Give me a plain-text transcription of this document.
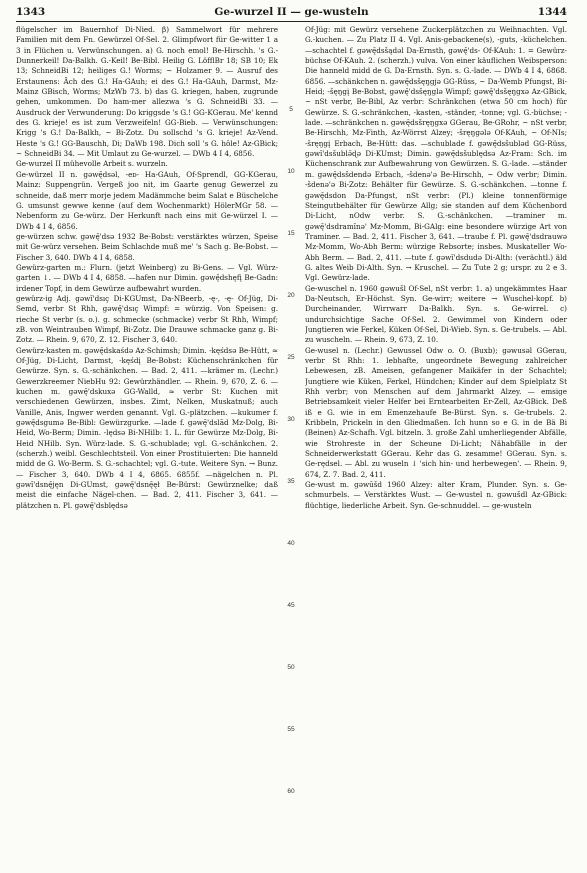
1343	Ge-wurzel II — ge-wusteln	1344

flügelscher im Bauernhof Di-Nied. β) Sammelwort für mehrere Familien mit dem Fn. Gewürzel Of-Sel. 2. Glimpfwort für Ge-witter 1 a 3 in Flüchen u. Verwünschungen. a) G. noch emol! Be-Hirschh. 's G.-Dunnerkeil! Da-Balkh. G.-Keil! Be-Bibl. Heilig G. LöfflBr 18; SB 10; Ek 13; SchneidBi 12; heiliges G.! Worms; ~ Holzamer 9. — Ausruf des Erstaunens: Äch des G.! Ha-GAuh; ei des G.! Ha-GAuh, Darmst, Mz-Mainz GBisch, Worms; MzWb 73. b) das G. kriegen, haben, zugrunde gehen, umkommen. Do ham-mer allezwa 's G. SchneidBi 33. — Ausdruck der Verwunderung: Do kriggsde 's G.! GG-KGerau. Me' kennd des G. krieje! es ist zum Verzweifeln! GG-Bieb. — Verwünschungen: Krigg 's G.! Da-Balkh, ~ Bi-Zotz. Du sollschd 's G. krieje! Az-Vend. Heste 's G.! GG-Bauschh, Di; DaWb 198. Dich soll 's G. hôle! Az-GBick; ~ SchneidBi 34. — Mit Umlaut zu Ge-wurzel. — DWb 4 I 4, 6856.

Ge-wurzel II mühevolle Arbeit s. wurzeln.

Ge-würzel II n. gəwę̄dsəl, -eᴅ- Ha-GAuh, Of-Sprendl, GG-KGerau, Mainz: Suppengrün. Vergeß joo nit, im Gaarte genug Gewerzel zu schneide, daß merr morje jedem Madämmche beim Salat e Büschelche G. umsunst gewwe kenne (auf dem Wochenmarkt) HölerMGr 58. — Nebenform zu Ge-würz. Der Herkunft nach eins mit Ge-würzel I. — DWb 4 I 4, 6856.

ge-würzen schw. gəwę̄'dsə 1932 Be-Bobst: verstärktes würzen, Speise mit Ge-würz versehen. Beim Schlachde muß me' 's Sach g. Be-Bobst. — Fischer 3, 640. DWb 4 I 4, 6858.

Gewürz-garten m.: Flurn. (jetzt Weinberg) zu Bi-Gens. — Vgl. Würz-garten ↓. — DWb 4 I 4, 6858. —hafen nur Dimin. gəwę̄dshęfį Be-Gadn: irdener Topf, in dem Gewürze aufbewahrt wurden.

gewürz-ig Adj. gəwı̄'dsıç Di-KGUmst, Da-NBeerb, -ę-, -ę- Of-Jüg, Di-Semd, verbr St Rhh, gəwę̄'dsıç Wimpf: = würzig. Von Speisen: g. rieche St verbr (s. o.). g. schmecke (schmacke) verbr St Rhh, Wimpf; zB. von Weintrauben Wimpf, Bi-Zotz. Die Drauwe schmacke ganz g. Bi-Zotz. — Rhein. 9, 670, Z. 12. Fischer 3, 640.

Gewürz-kasten m. gəwę̄dskaśdə Az-Schimsh; Dimin. -kęśdsǝ Be-Hütt, ≈ Of-Jüg, Di-Licht, Darmst, -kęśdį Be-Bobst: Küchenschränkchen für Gewürze. Syn. s. G.-schänkchen. — Bad. 2, 411. —krämer m. (Lechr.) Gewerzkreemer NiebHu 92: Gewürzhändler. — Rhein. 9, 670, Z. 6. —kuchen m. gəwę̄'dskuxə GG-Walld, ≈ verbr St: Kuchen mit verschiedenen Gewürzen, insbes. Zimt, Nelken, Muskatnuß; auch Vanille, Anis, Ingwer werden genannt. Vgl. G.-plätzchen. —kukumer f. gəwę̄dsgumǝ Be-Bibl: Gewürzgurke. —lade f. gəwę̄'dslād Mz-Dolg, Bi-Heid, Wo-Berm; Dimin. -lędsǝ Bi-NHilb: 1. L. für Gewürze Mz-Dolg, Bi-Heid NHilb. Syn. Würz-lade. S. G.-schublade; vgl. G.-schänkchen. 2. (scherzh.) weibl. Geschlechtsteil. Von einer Prostituierten: Die hanneld midd de G. Wo-Berm. S. G.-schachtel; vgl. G.-tute. Weitere Syn. → Bunz. — Fischer 3, 640. DWb 4 I 4, 6865. 6855f. —nägelchen n. Pl. gəwı̄'dsnę̄jęn Di-GUmst, gəwę̄'dsnę̄ęł Be-Bürst: Gewürznelke; daß meist die einfache Nägel-chen. — Bad. 2, 411. Fischer 3, 641. —plätzchen n. Pl. gəwę̄'dsblędsǝ

5
10
15
20
25
30
35
40
45
50
55
60

Of-Jüg: mit Gewürz versehene Zuckerplätzchen zu Weihnachten. Vgl. G.-kuchen. — Zu Platz II 4. Vgl. Anis-gebackene(s), -guts, -küchelchen. —schachtel f. gəwę̄dsšądəl Da-Ernsth, gəwę̄'ds- Of-KAuh: 1. = Gewürz-büchse Of-KAuh. 2. (scherzh.) vulva. Von einer käuflichen Weibsperson: Die hanneld midd de G. Da-Ernsth. Syn. s. G.-lade. — DWb 4 I 4, 6868. 6856. —schänkchen n. gəwę̄dsšęŋgjǝ GG-Rüss, ~ Da-Wemb Pfungst, Bi-Heid; -šęŋgį Be-Bobst, gəwę̄'dsšęŋglǝ Wimpf; gəwę̄'dsšęŋgxǝ Az-GBick, ~ nSt verbr, Be-Bibl, Az verbr: Schränkchen (etwa 50 cm hoch) für Gewürze. S. G.-schränkchen, -kasten, -ständer, -tonne; vgl. G.-büchse; -lade. —schränkchen n. gəwę̄dsšręŋgxǝ GGerau, Be-GRohr, ~ nSt verbr, Be-Hirschh, Mz-Finth, Az-Wörrst Alzey; -šręŋgəlǝ Of-KAuh, ~ Of-NIs; -šręŋgį Erbach, Be-Hütt: das. —schublade f. gəwę̄dsšubləd GG-Rüss, gəwı̄'dsšublǝ̄ɖǝ Di-KUmst; Dimin. gəwę̄dsšublędsǝ Az-Fram: Sch. im Küchenschrank zur Aufbewahrung von Gewürzen. S. G.-lade. —ständer m. gəwę̄dsšdendǝ Erbach, -šdenǝ'ǝ Be-Hirschh, ~ Odw verbr; Dimin. -šdenǝ'ǝ Bi-Zotz: Behälter für Gewürze. S. G.-schänkchen. —tonne f. gəwę̄dsdon Da-Pfungst, nSt verbr: (Pl.) kleine tonnenförmige Steingutbehälter für Gewürze Allg; sie standen auf dem Küchenbord Di-Licht, nOdw verbr. S. G.-schänkchen. —traminer m. gəwę̄'dsdramı̄nǝ' Mz-Momm, Bi-GAlg: eine besondere würzige Art von Traminer. — Bad. 2, 411. Fischer 3, 641. —traube f. Pl. gəwę̄'dsdrauwǝ Mz-Momm, Wo-Abh Berm: würzige Rebsorte; insbes. Muskateller Wo-Abh Berm. — Bad. 2, 411. —tute f. gəwı̄'dsdudǝ Di-Alth: (verächtl.) äld G. altes Weib Di-Alth. Syn. → Kruschel. — Zu Tute 2 g; urspr. zu 2 e 3. Vgl. Gewürz-lade.

Ge-wuschel n. 1960 gəwušl Of-Sel, nSt verbr: 1. a) ungekämmtes Haar Da-Neutsch, Er-Höchst. Syn. Ge-wirr; weitere → Wuschel-kopf. b) Durcheinander, Wirrwarr Da-Balkh. Syn. s. Ge-wirrel. c) undurchsichtige Sache Of-Sel. 2. Gewimmel von Kindern oder Jungtieren wie Ferkel, Küken Of-Sel, Di-Wieb. Syn. s. Ge-trubels. — Abl. zu wuscheln. — Rhein. 9, 673, Z. 10.

Ge-wusel n. (Lechr.) Gewussel Odw o. O. (Buxb); gəwusəl GGerau, verbr St Rhh: 1. lebhafte, ungeordnete Bewegung zahlreicher Lebewesen, zB. Ameisen, gefangener Maikäfer in der Schachtel; Jungtiere wie Küken, Ferkel, Hündchen; Kinder auf dem Spielplatz St Rhh verbr; von Menschen auf dem Jahrmarkt Alzey. — emsige Betriebsamkeit vieler Helfer bei Erntearbeiten Er-Zell, Az-GBick. Deß iß e G. wie in em Emenzehaufe Be-Bürst. Syn. s. Ge-trubels. 2. Kribbeln, Prickeln in den Gliedmaßen. Ich hunn so e G. in de Bä Bi (Beinen) Az-Schafh. Vgl. bitzeln. 3. große Zahl umherliegender Abfälle, wie Strohreste in der Scheune Di-Licht; Nähabfälle in der Schneiderwerkstatt GGerau. Kehr das G. zesamme! GGerau. Syn. s. Ge-rędsel. — Abl. zu wuseln ↓ 'sich hin- und herbewegen'. — Rhein. 9, 674, Z. 7. Bad. 2, 411.

Ge-wust m. gəwūšd 1960 Alzey: alter Kram, Plunder. Syn. s. Ge-schmurbels. — Verstärktes Wust. — Ge-wustel n. gəwušdl Az-GBick: flüchtige, liederliche Arbeit. Syn. Ge-schnuddel. — ge-wusteln
